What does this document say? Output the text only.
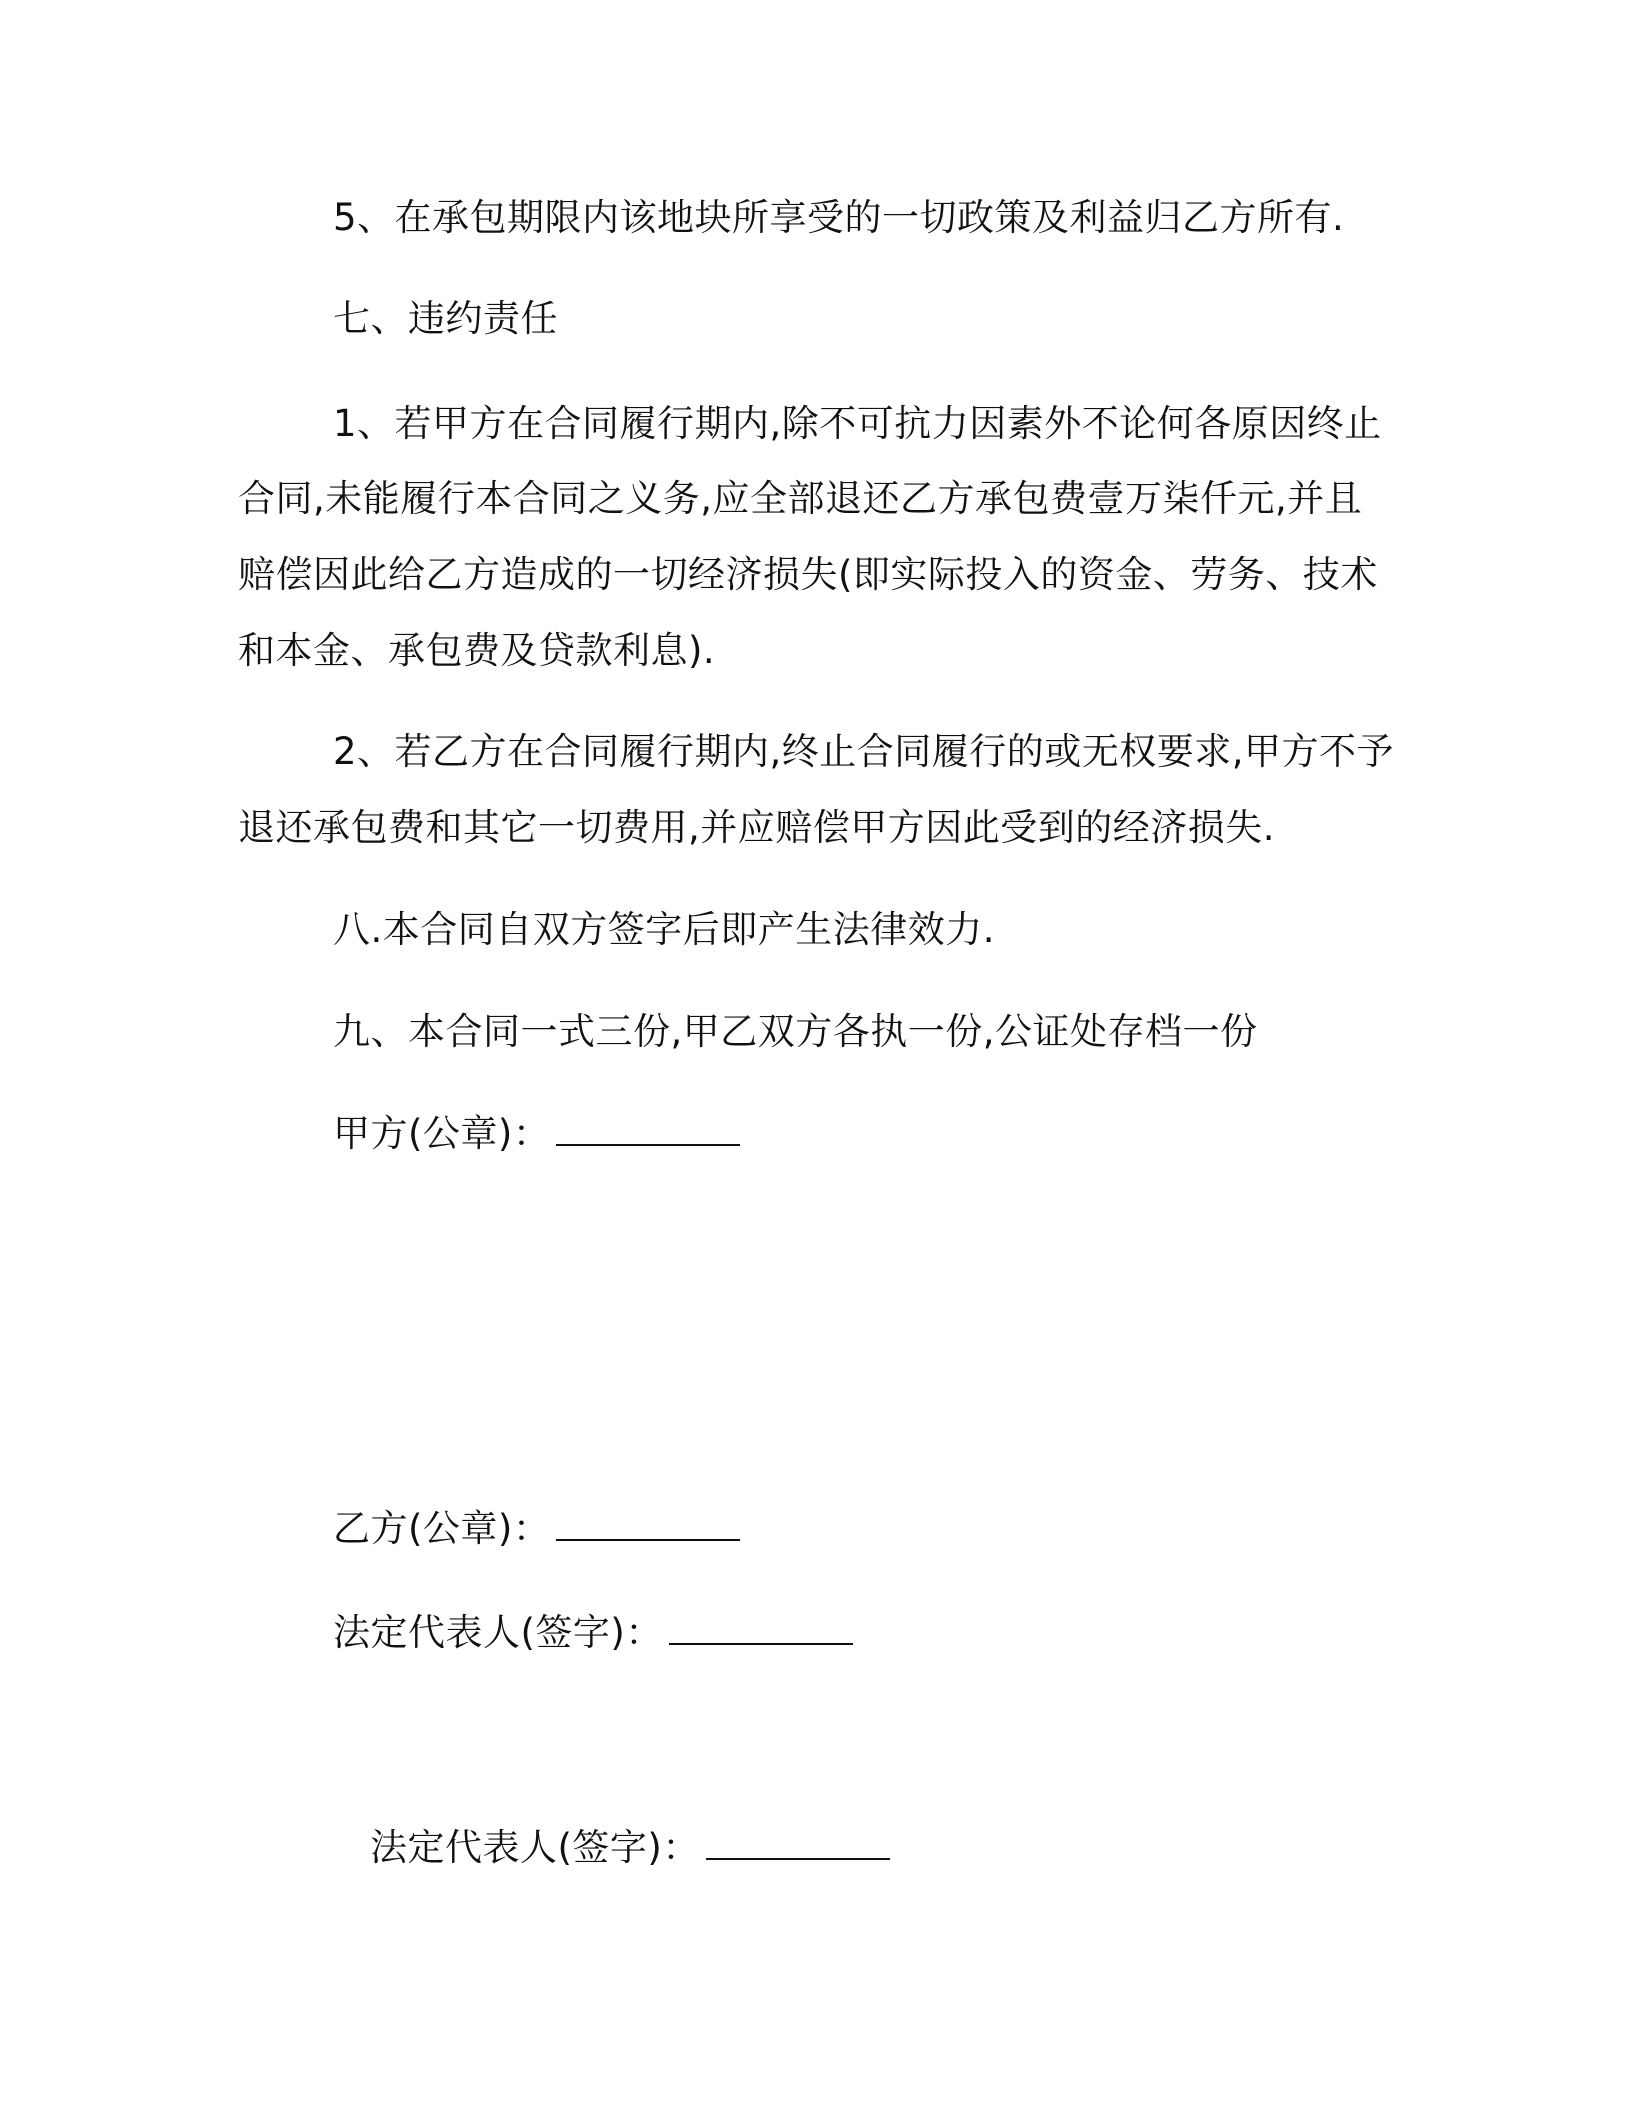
5、在承包期限内该地块所享受的一切政策及利益归乙方所有.
七、违约责任
1、若甲方在合同履行期内,除不可抗力因素外不论何各原因终止
合同,未能履行本合同之义务,应全部退还乙方承包费壹万柒仟元,并且
赔偿因此给乙方造成的一切经济损失(即实际投入的资金、劳务、技术
和本金、承包费及贷款利息).
2、若乙方在合同履行期内,终止合同履行的或无权要求,甲方不予
退还承包费和其它一切费用,并应赔偿甲方因此受到的经济损失.
八.本合同自双方签字后即产生法律效力.
九、本合同一式三份,甲乙双方各执一份,公证处存档一份
甲方(公章)：
乙方(公章)：
法定代表人(签字)：
法定代表人(签字)：
